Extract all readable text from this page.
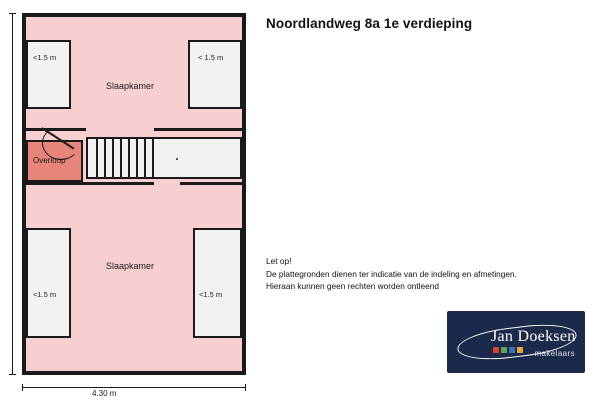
<1.5 m	< 1.5 m
<1.5 m	<1.5 m
Slaapkamer
Slaapkamer
Overloop
4.30 m
Noordlandweg 8a 1e verdieping
Let op!
De plattegronden dienen ter indicatie van de indeling en afmetingen.
Hieraan kunnen geen rechten worden ontleend
Jan Doeksen
makelaars
